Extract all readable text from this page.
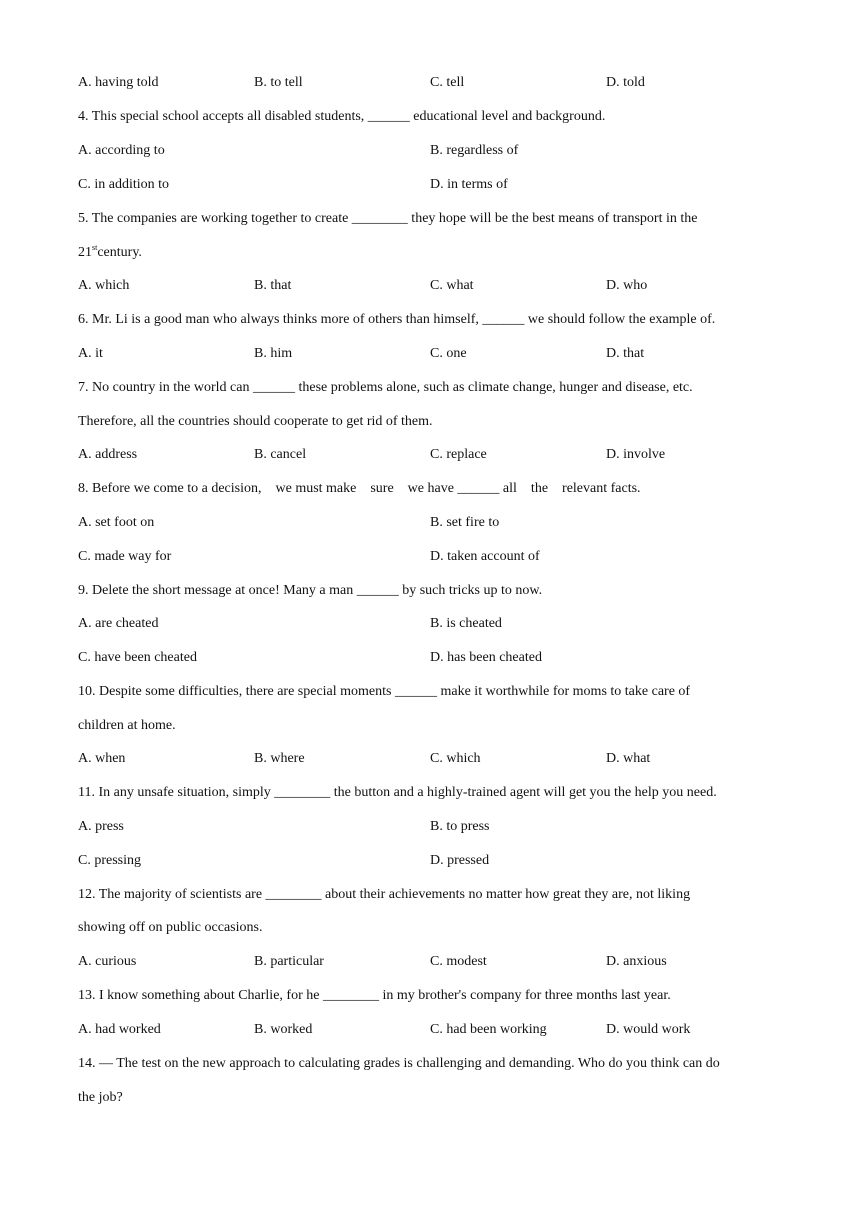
A. having told	B. to tell	C. tell	D. told
4. This special school accepts all disabled students, ______ educational level and background.
A. according to	B. regardless of
C. in addition to	D. in terms of
5. The companies are working together to create ________ they hope will be the best means of transport in the
21stcentury.
A. which	B. that	C. what	D. who
6. Mr. Li is a good man who always thinks more of others than himself, ______ we should follow the example of.
A. it	B. him	C. one	D. that
7. No country in the world can ______ these problems alone, such as climate change, hunger and disease, etc.
Therefore, all the countries should cooperate to get rid of them.
A. address	B. cancel	C. replace	D. involve
8. Before we come to a decision,    we must make    sure    we have ______ all    the    relevant facts.
A. set foot on	B. set fire to
C. made way for	D. taken account of
9. Delete the short message at once! Many a man ______ by such tricks up to now.
A. are cheated	B. is cheated
C. have been cheated	D. has been cheated
10. Despite some difficulties, there are special moments ______ make it worthwhile for moms to take care of
children at home.
A. when	B. where	C. which	D. what
11. In any unsafe situation, simply ________ the button and a highly-trained agent will get you the help you need.
A. press	B. to press
C. pressing	D. pressed
12. The majority of scientists are ________ about their achievements no matter how great they are, not liking
showing off on public occasions.
A. curious	B. particular	C. modest	D. anxious
13. I know something about Charlie, for he ________ in my brother's company for three months last year.
A. had worked	B. worked	C. had been working	D. would work
14. — The test on the new approach to calculating grades is challenging and demanding. Who do you think can do
the job?
